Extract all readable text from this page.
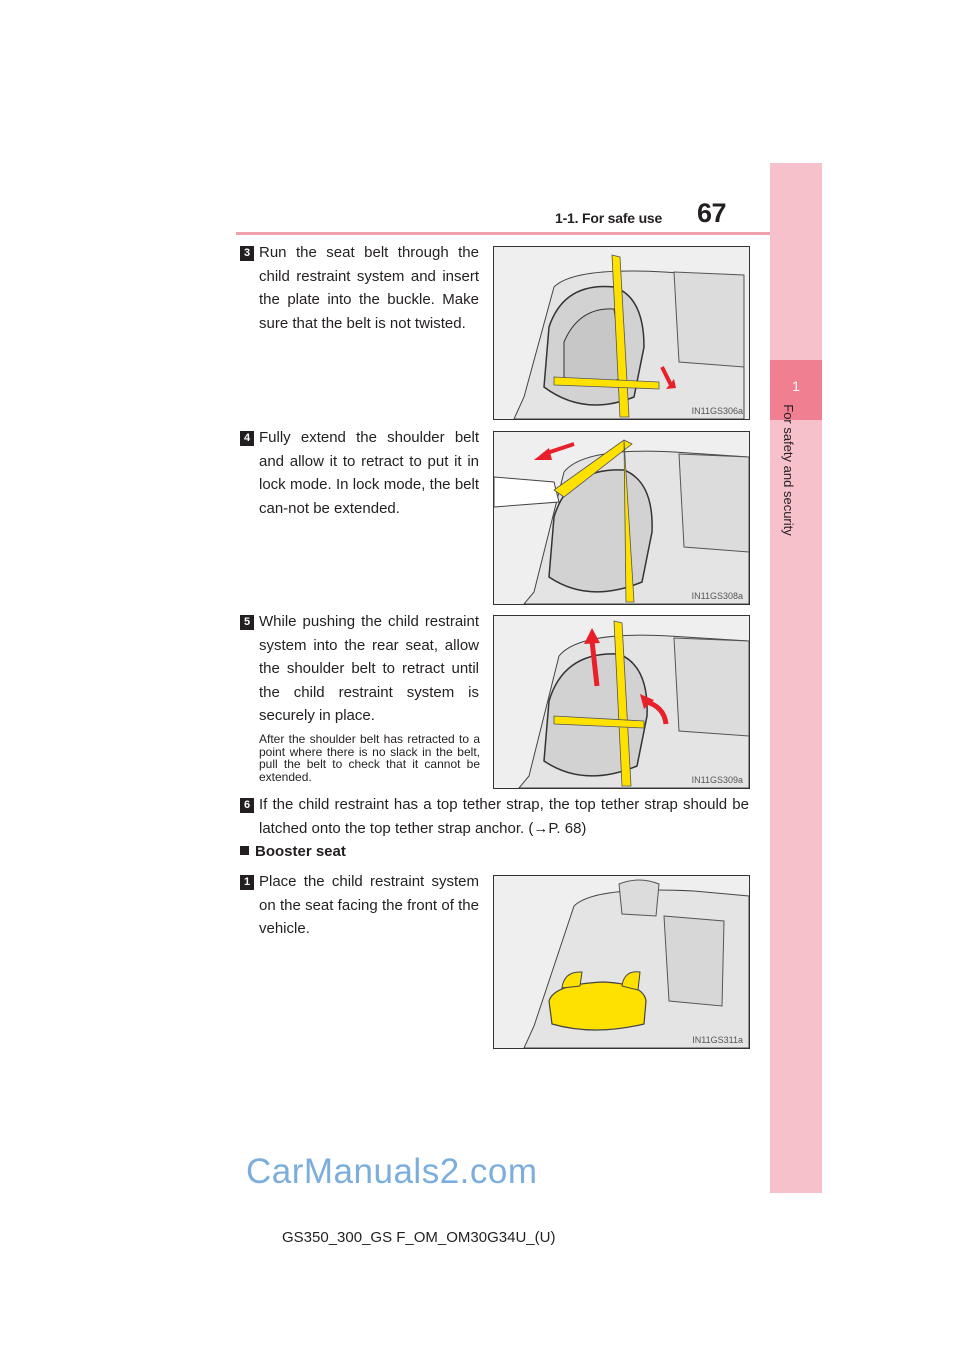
1-1. For safe use 67
1
For safety and security
3 Run the seat belt through the child restraint system and insert the plate into the buckle. Make sure that the belt is not twisted.
IN11GS306a
4 Fully extend the shoulder belt and allow it to retract to put it in lock mode. In lock mode, the belt can-not be extended.
IN11GS308a
5 While pushing the child restraint system into the rear seat, allow the shoulder belt to retract until the child restraint system is securely in place.
After the shoulder belt has retracted to a point where there is no slack in the belt, pull the belt to check that it cannot be extended.	IN11GS309a
6 If the child restraint has a top tether strap, the top tether strap should be latched onto the top tether strap anchor. (→P. 68)
Booster seat
1 Place the child restraint system on the seat facing the front of the vehicle.
IN11GS311a
CarManuals2.com
GS350_300_GS F_OM_OM30G34U_(U)
